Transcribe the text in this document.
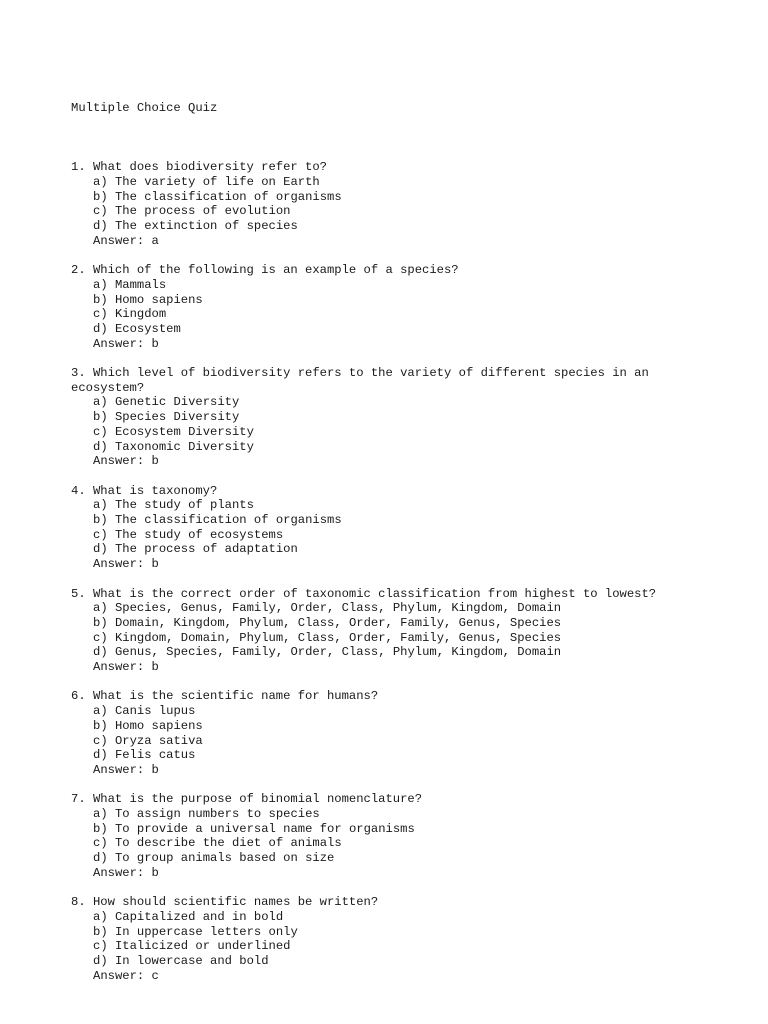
Multiple Choice Quiz

1. What does biodiversity refer to?
a) The variety of life on Earth
b) The classification of organisms
c) The process of evolution
d) The extinction of species
Answer: a
2. Which of the following is an example of a species?
a) Mammals
b) Homo sapiens
c) Kingdom
d) Ecosystem
Answer: b
3. Which level of biodiversity refers to the variety of different species in an ecosystem?
a) Genetic Diversity
b) Species Diversity
c) Ecosystem Diversity
d) Taxonomic Diversity
Answer: b
4. What is taxonomy?
a) The study of plants
b) The classification of organisms
c) The study of ecosystems
d) The process of adaptation
Answer: b
5. What is the correct order of taxonomic classification from highest to lowest?
a) Species, Genus, Family, Order, Class, Phylum, Kingdom, Domain
b) Domain, Kingdom, Phylum, Class, Order, Family, Genus, Species
c) Kingdom, Domain, Phylum, Class, Order, Family, Genus, Species
d) Genus, Species, Family, Order, Class, Phylum, Kingdom, Domain
Answer: b
6. What is the scientific name for humans?
a) Canis lupus
b) Homo sapiens
c) Oryza sativa
d) Felis catus
Answer: b
7. What is the purpose of binomial nomenclature?
a) To assign numbers to species
b) To provide a universal name for organisms
c) To describe the diet of animals
d) To group animals based on size
Answer: b
8. How should scientific names be written?
a) Capitalized and in bold
b) In uppercase letters only
c) Italicized or underlined
d) In lowercase and bold
Answer: c
